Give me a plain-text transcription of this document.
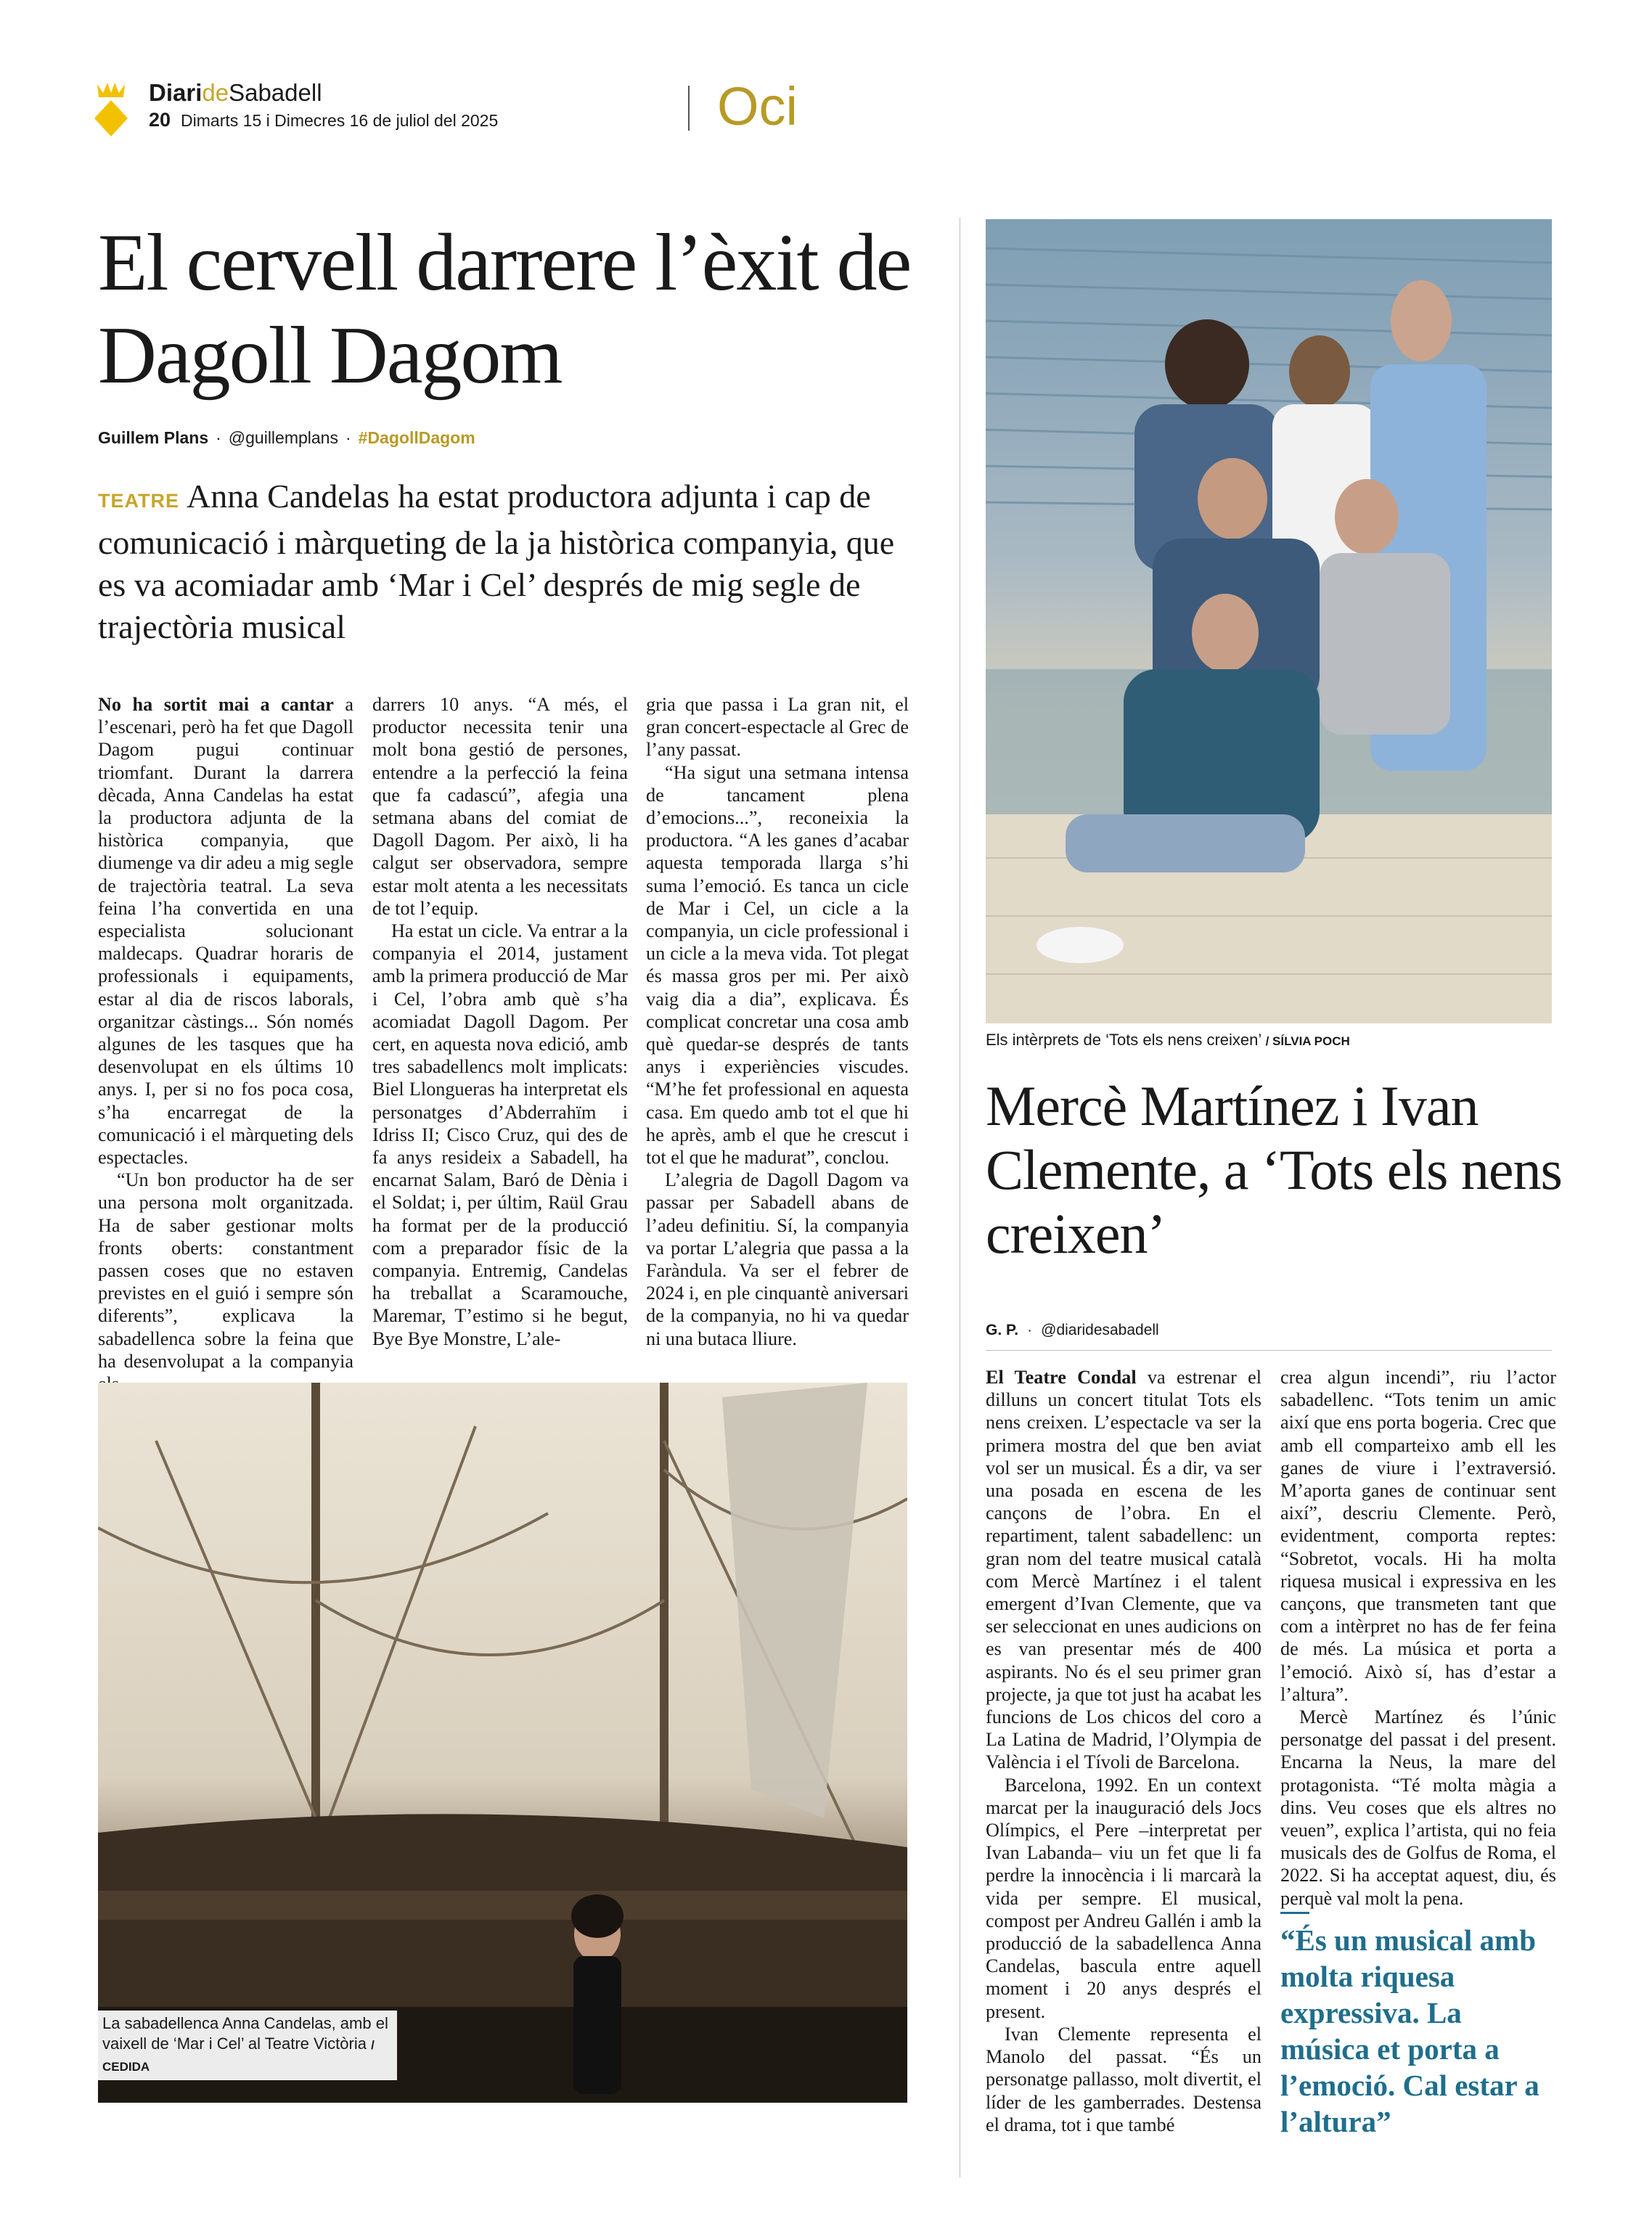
DiarideSabadell
20 Dimarts 15 i Dimecres 16 de juliol del 2025	Oci
El cervell darrere l’èxit de Dagoll Dagom
Guillem Plans · @guillemplans · #DagollDagom
TEATRE Anna Candelas ha estat productora adjunta i cap de comunicació i màrqueting de la ja històrica companyia, que es va acomiadar amb ‘Mar i Cel’ després de mig segle de trajectòria musical

No ha sortit mai a cantar a l’escenari, però ha fet que Dagoll Dagom pugui continuar triomfant. Durant la darrera dècada, Anna Candelas ha estat la productora adjunta de la històrica companyia, que diumenge va dir adeu a mig segle de trajectòria teatral. La seva feina l’ha convertida en una especialista solucionant maldecaps. Quadrar horaris de professionals i equipaments, estar al dia de riscos laborals, organitzar càstings... Són només algunes de les tasques que ha desenvolupat en els últims 10 anys. I, per si no fos poca cosa, s’ha encarregat de la comunicació i el màrqueting dels espectacles.

“Un bon productor ha de ser una persona molt organitzada. Ha de saber gestionar molts fronts oberts: constantment passen coses que no estaven previstes en el guió i sempre són diferents”, explicava la sabadellenca sobre la feina que ha desenvolupat a la companyia

darrers 10 anys. “A més, el productor necessita tenir una molt bona gestió de persones, entendre a la perfecció la feina que fa cadascú”, afegia una setmana abans del comiat de Dagoll Dagom. Per això, li ha calgut ser observadora, sempre estar molt atenta a les necessitats de tot l’equip.

Ha estat un cicle. Va entrar a la companyia el 2014, justament amb la primera producció de Mar i Cel, l’obra amb què s’ha acomiadat Dagoll Dagom. Per cert, en aquesta nova edició, amb tres sabadellencs molt implicats: Biel Llongueras ha interpretat els personatges d’Abderrahïm i Idriss II; Cisco Cruz, qui des de fa anys resideix a Sabadell, ha encarnat Salam, Baró de Dènia i el Soldat; i, per últim, Raül Grau ha format per de la producció com a preparador físic de la companyia. Entremig, Candelas ha treballat a Scaramouche, Maremar, T’estimo si he begut, Bye Bye Monstre, L’ale-

gria que passa i La gran nit, el gran concert-espectacle al Grec de l’any passat.

“Ha sigut una setmana intensa de tancament plena d’emocions...”, reconeixia la productora. “A les ganes d’acabar aquesta temporada llarga s’hi suma l’emoció. Es tanca un cicle de Mar i Cel, un cicle a la companyia, un cicle professional i un cicle a la meva vida. Tot plegat és massa gros per mi. Per això vaig dia a dia”, explicava. És complicat concretar una cosa amb què quedar-se després de tants anys i experiències viscudes. “M’he fet professional en aquesta casa. Em quedo amb tot el que hi he après, amb el que he crescut i tot el que he madurat”, conclou.

L’alegria de Dagoll Dagom va passar per Sabadell abans de l’adeu definitiu. Sí, la companyia va portar L’alegria que passa a la Faràndula. Va ser el febrer de 2024 i, en ple cinquantè aniversari de la companyia, no hi va quedar ni una butaca lliure.

Els intèrprets de ‘Tots els nens creixen’ / SÍLVIA POCH
Mercè Martínez i Ivan Clemente, a ‘Tots els nens creixen’
G. P. · @diaridesabadell

El Teatre Condal va estrenar el dilluns un concert titulat Tots els nens creixen. L’espectacle va ser la primera mostra del que ben aviat vol ser un musical. És a dir, va ser una posada en escena de les cançons de l’obra. En el repartiment, talent sabadellenc: un gran nom del teatre musical català com Mercè Martínez i el talent emergent d’Ivan Clemente, que va ser seleccionat en unes audicions on es van presentar més de 400 aspirants. No és el seu primer gran projecte, ja que tot just ha acabat les funcions de Los chicos del coro a La Latina de Madrid, l’Olympia de València i el Tívoli de Barcelona.

Barcelona, 1992. En un context marcat per la inauguració dels Jocs Olímpics, el Pere –interpretat per Ivan Labanda– viu un fet que li fa perdre la innocència i li marcarà la vida per sempre. El musical, compost per Andreu Gallén i amb la producció de la sabadellenca Anna Candelas, bascula entre aquell moment i 20 anys després el present.

Ivan Clemente representa el Manolo del passat. “És un personatge pallasso, molt divertit, el líder de les gamberrades. Destensa el drama, tot i que també

crea algun incendi”, riu l’actor sabadellenc. “Tots tenim un amic així que ens porta bogeria. Crec que amb ell comparteixo amb ell les ganes de viure i l’extraversió. M’aporta ganes de continuar sent així”, descriu Clemente. Però, evidentment, comporta reptes: “Sobretot, vocals. Hi ha molta riquesa musical i expressiva en les cançons, que transmeten tant que com a intèrpret no has de fer feina de més. La música et porta a l’emoció. Això sí, has d’estar a l’altura”.

Mercè Martínez és l’únic personatge del passat i del present. Encarna la Neus, la mare del protagonista. “Té molta màgia a dins. Veu coses que els altres no veuen”, explica l’artista, qui no feia musicals des de Golfus de Roma, el 2022. Si ha acceptat aquest, diu, és perquè val molt la pena.

“És un musical amb molta riquesa expressiva. La música et porta a l’emoció. Cal estar a l’altura”
La sabadellenca Anna Candelas, amb el vaixell de ‘Mar i Cel’ al Teatre Victòria / CEDIDA
